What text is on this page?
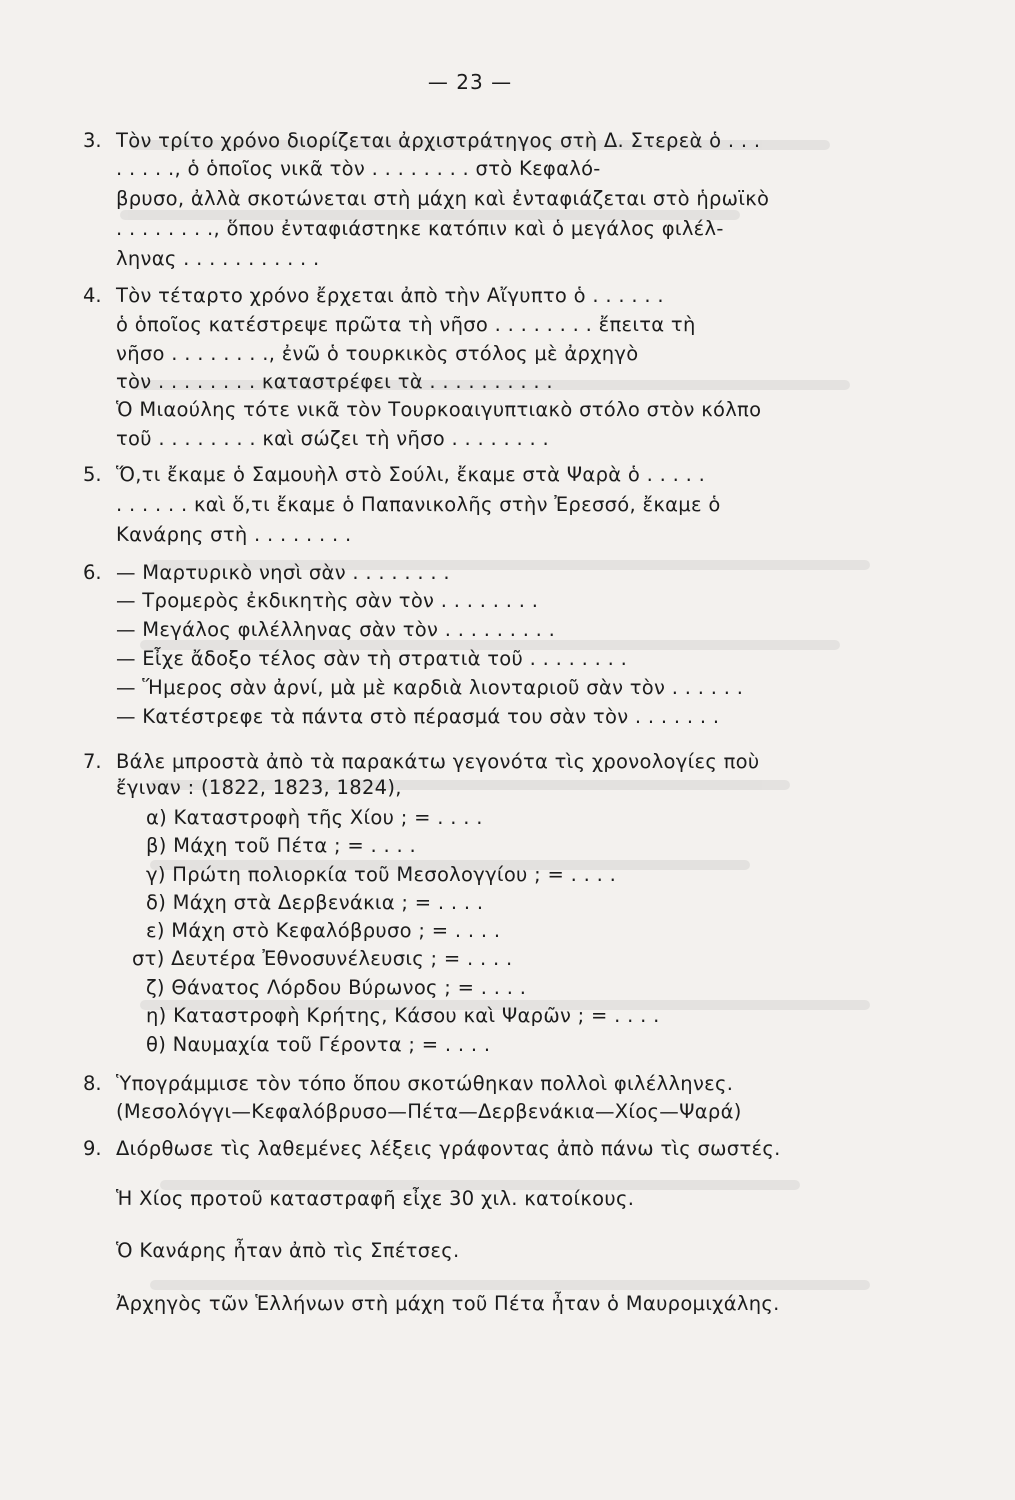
— 23 —
3. Τὸν τρίτο χρόνο διορίζεται ἀρχιστράτηγος στὴ Δ. Στερεὰ ὁ . . .
. . . . ., ὁ ὁποῖος νικᾶ τὸν . . . . . . . . στὸ Κεφαλό-
βρυσο, ἀλλὰ σκοτώνεται στὴ μάχη καὶ ἐνταφιάζεται στὸ ἡρωϊκὸ
. . . . . . . ., ὅπου ἐνταφιάστηκε κατόπιν καὶ ὁ μεγάλος φιλέλ-
ληνας . . . . . . . . . . .
4. Τὸν τέταρτο χρόνο ἔρχεται ἀπὸ τὴν Αἴγυπτο ὁ . . . . . .
ὁ ὁποῖος κατέστρεψε πρῶτα τὴ νῆσο . . . . . . . . ἔπειτα τὴ
νῆσο . . . . . . . ., ἐνῶ ὁ τουρκικὸς στόλος μὲ ἀρχηγὸ
τὸν . . . . . . . . καταστρέφει τὰ . . . . . . . . . .
Ὁ Μιαούλης τότε νικᾶ τὸν Τουρκοαιγυπτιακὸ στόλο στὸν κόλπο
τοῦ . . . . . . . . καὶ σώζει τὴ νῆσο . . . . . . . .
5. Ὅ,τι ἔκαμε ὁ Σαμουὴλ στὸ Σούλι, ἔκαμε στὰ Ψαρὰ ὁ . . . . .
. . . . . . καὶ ὅ,τι ἔκαμε ὁ Παπανικολῆς στὴν Ἐρεσσό, ἔκαμε ὁ
Κανάρης στὴ . . . . . . . .
6. — Μαρτυρικὸ νησὶ σὰν . . . . . . . .
— Τρομερὸς ἐκδικητὴς σὰν τὸν . . . . . . . .
— Μεγάλος φιλέλληνας σὰν τὸν . . . . . . . . .
— Εἶχε ἄδοξο τέλος σὰν τὴ στρατιὰ τοῦ . . . . . . . .
— Ἥμερος σὰν ἀρνί, μὰ μὲ καρδιὰ λιονταριοῦ σὰν τὸν . . . . . .
— Κατέστρεφε τὰ πάντα στὸ πέρασμά του σὰν τὸν . . . . . . .
7. Βάλε μπροστὰ ἀπὸ τὰ παρακάτω γεγονότα τὶς χρονολογίες ποὺ
ἔγιναν : (1822, 1823, 1824),
α) Καταστροφὴ τῆς Χίου ; = . . . .
β) Μάχη τοῦ Πέτα ; = . . . .
γ) Πρώτη πολιορκία τοῦ Μεσολογγίου ; = . . . .
δ) Μάχη στὰ Δερβενάκια ; = . . . .
ε) Μάχη στὸ Κεφαλόβρυσο ; = . . . .
στ) Δευτέρα Ἐθνοσυνέλευσις ; = . . . .
ζ) Θάνατος Λόρδου Βύρωνος ; = . . . .
η) Καταστροφὴ Κρήτης, Κάσου καὶ Ψαρῶν ; = . . . .
θ) Ναυμαχία τοῦ Γέροντα ; = . . . .
8. Ὑπογράμμισε τὸν τόπο ὅπου σκοτώθηκαν πολλοὶ φιλέλληνες.
(Μεσολόγγι—Κεφαλόβρυσο—Πέτα—Δερβενάκια—Χίος—Ψαρά)
9. Διόρθωσε τὶς λαθεμένες λέξεις γράφοντας ἀπὸ πάνω τὶς σωστές.
Ἡ Χίος προτοῦ καταστραφῆ εἶχε 30 χιλ. κατοίκους.
Ὁ Κανάρης ἦταν ἀπὸ τὶς Σπέτσες.
Ἀρχηγὸς τῶν Ἑλλήνων στὴ μάχη τοῦ Πέτα ἦταν ὁ Μαυρομιχάλης.
